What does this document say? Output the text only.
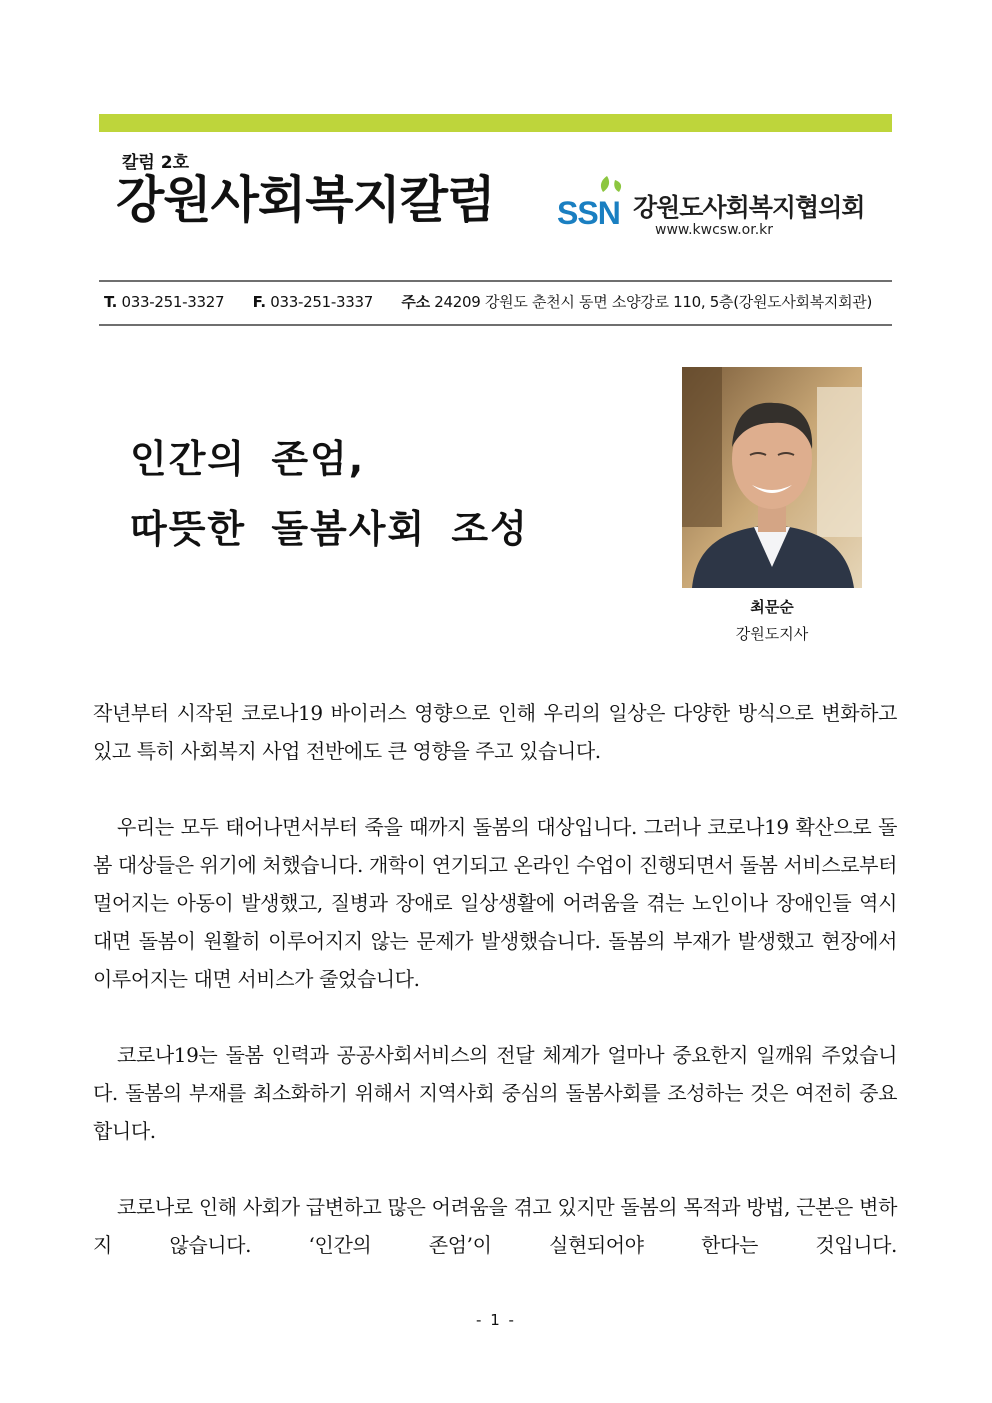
칼럼 2호
강원사회복지칼럼 SSN 강원도사회복지협의회
www.kwcsw.or.kr
T. 033-251-3327 F. 033-251-3337 주소 24209 강원도 춘천시 동면 소양강로 110, 5층(강원도사회복지회관)
인간의 존엄,
따뜻한 돌봄사회 조성
최문순
강원도지사

작년부터 시작된 코로나19 바이러스 영향으로 인해 우리의 일상은 다양한 방식으로 변화하고 있고 특히 사회복지 사업 전반에도 큰 영향을 주고 있습니다.

우리는 모두 태어나면서부터 죽을 때까지 돌봄의 대상입니다. 그러나 코로나19 확산으로 돌봄 대상들은 위기에 처했습니다. 개학이 연기되고 온라인 수업이 진행되면서 돌봄 서비스로부터 멀어지는 아동이 발생했고, 질병과 장애로 일상생활에 어려움을 겪는 노인이나 장애인들 역시 대면 돌봄이 원활히 이루어지지 않는 문제가 발생했습니다. 돌봄의 부재가 발생했고 현장에서 이루어지는 대면 서비스가 줄었습니다.

코로나19는 돌봄 인력과 공공사회서비스의 전달 체계가 얼마나 중요한지 일깨워 주었습니다. 돌봄의 부재를 최소화하기 위해서 지역사회 중심의 돌봄사회를 조성하는 것은 여전히 중요합니다.

코로나로 인해 사회가 급변하고 많은 어려움을 겪고 있지만 돌봄의 목적과 방법, 근본은 변하지 않습니다. ‘인간의 존엄’이 실현되어야 한다는 것입니다.

- 1 -
